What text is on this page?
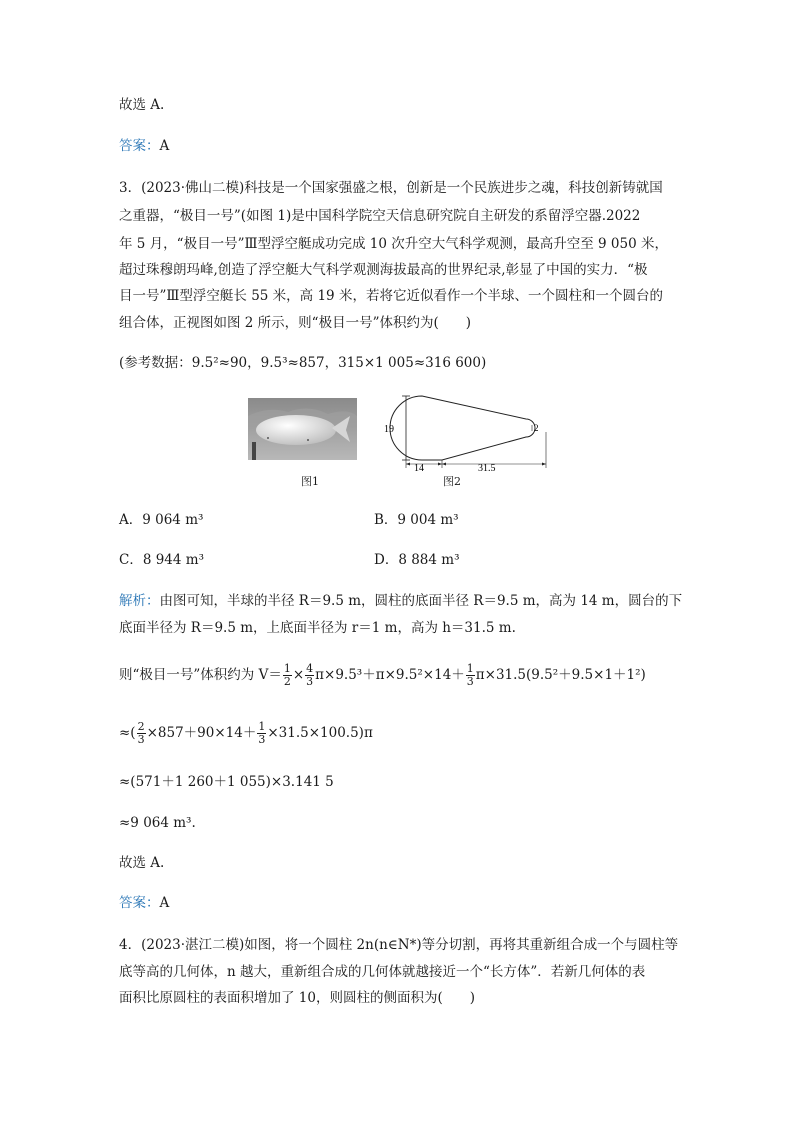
故选 A.
答案：A
3．(2023·佛山二模)科技是一个国家强盛之根，创新是一个民族进步之魂，科技创新铸就国
之重器，“极目一号”(如图 1)是中国科学院空天信息研究院自主研发的系留浮空器.2022
年 5 月，“极目一号”Ⅲ型浮空艇成功完成 10 次升空大气科学观测，最高升空至 9 050 米，
超过珠穆朗玛峰,创造了浮空艇大气科学观测海拔最高的世界纪录,彰显了中国的实力．“极
目一号”Ⅲ型浮空艇长 55 米，高 19 米，若将它近似看作一个半球、一个圆柱和一个圆台的
组合体，正视图如图 2 所示，则“极目一号”体积约为(　　)
(参考数据：9.5²≈90，9.5³≈857，315×1 005≈316 600)
图1
19
14	31.5
2
图2
A．9 064 m³	B．9 004 m³
C．8 944 m³	D．8 884 m³
解析：由图可知，半球的半径 R＝9.5 m，圆柱的底面半径 R＝9.5 m，高为 14 m，圆台的下
底面半径为 R＝9.5 m，上底面半径为 r＝1 m，高为 h＝31.5 m.
则“极目一号”体积约为 $V= \frac{1}{2} \times \frac{4}{3} \pi\times 9.5^3+\pi\times 9.5^2\times 14+ \frac{1}{3} \pi\times 31.5(9.5^2+9.5\times 1+1^2)$
≈( $\frac{2}{3} \times 857+90\times 14+ \frac{1}{3} \times 31.5\times 100.5)\pi$
≈(571＋1 260＋1 055)×3.141 5
≈9 064 m³.
故选 A.
答案：A
4．(2023·湛江二模)如图，将一个圆柱 2n(n∈N*)等分切割，再将其重新组合成一个与圆柱等
底等高的几何体，n 越大，重新组合成的几何体就越接近一个“长方体”．若新几何体的表
面积比原圆柱的表面积增加了 10，则圆柱的侧面积为(　　)
